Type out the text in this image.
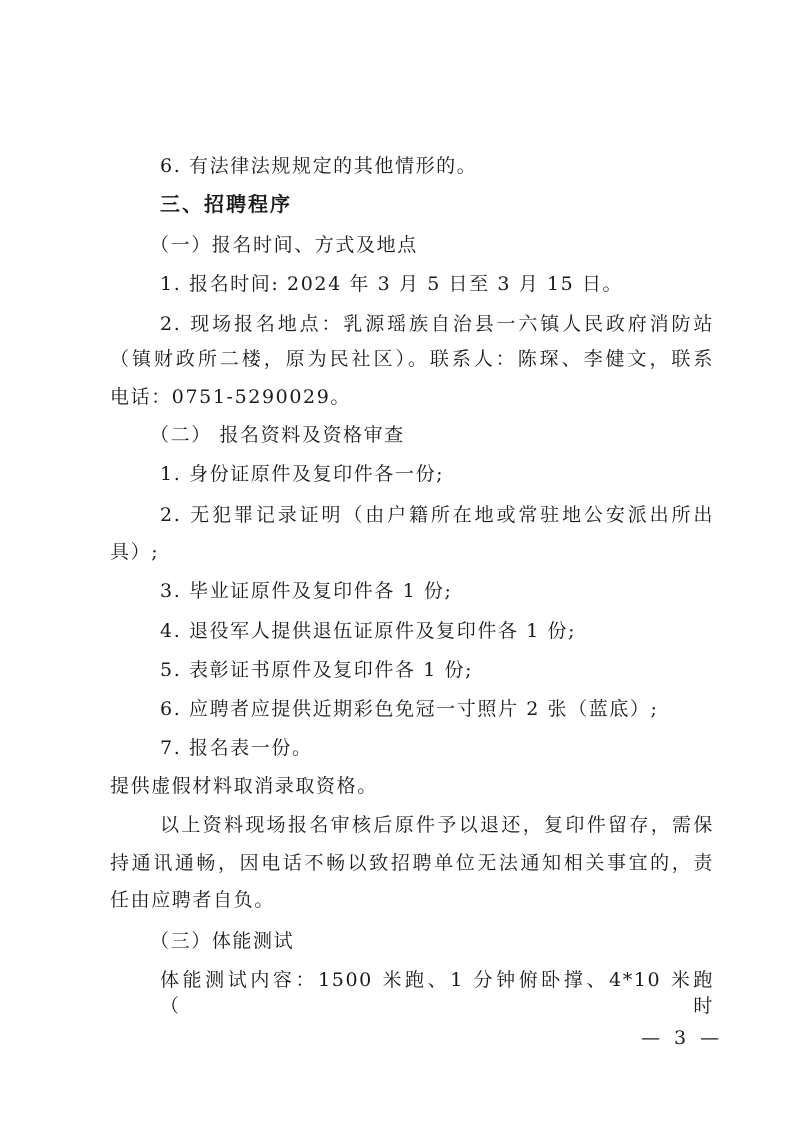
6. 有法律法规规定的其他情形的。
三、招聘程序
（一）报名时间、方式及地点
1. 报名时间: 2024 年 3 月 5 日至 3 月 15 日。
2. 现场报名地点：乳源瑶族自治县一六镇人民政府消防站
（镇财政所二楼，原为民社区）。联系人：陈琛、李健文，联系
电话：0751-5290029。
（二） 报名资料及资格审查
1. 身份证原件及复印件各一份;
2. 无犯罪记录证明（由户籍所在地或常驻地公安派出所出
具）;
3. 毕业证原件及复印件各 1 份;
4. 退役军人提供退伍证原件及复印件各 1 份;
5. 表彰证书原件及复印件各 1 份;
6. 应聘者应提供近期彩色免冠一寸照片 2 张（蓝底）;
7. 报名表一份。
提供虚假材料取消录取资格。
以上资料现场报名审核后原件予以退还，复印件留存，需保
持通讯通畅，因电话不畅以致招聘单位无法通知相关事宜的，责
任由应聘者自负。
（三）体能测试
体能测试内容：1500 米跑、1 分钟俯卧撑、4*10 米跑（时
— 3 —
